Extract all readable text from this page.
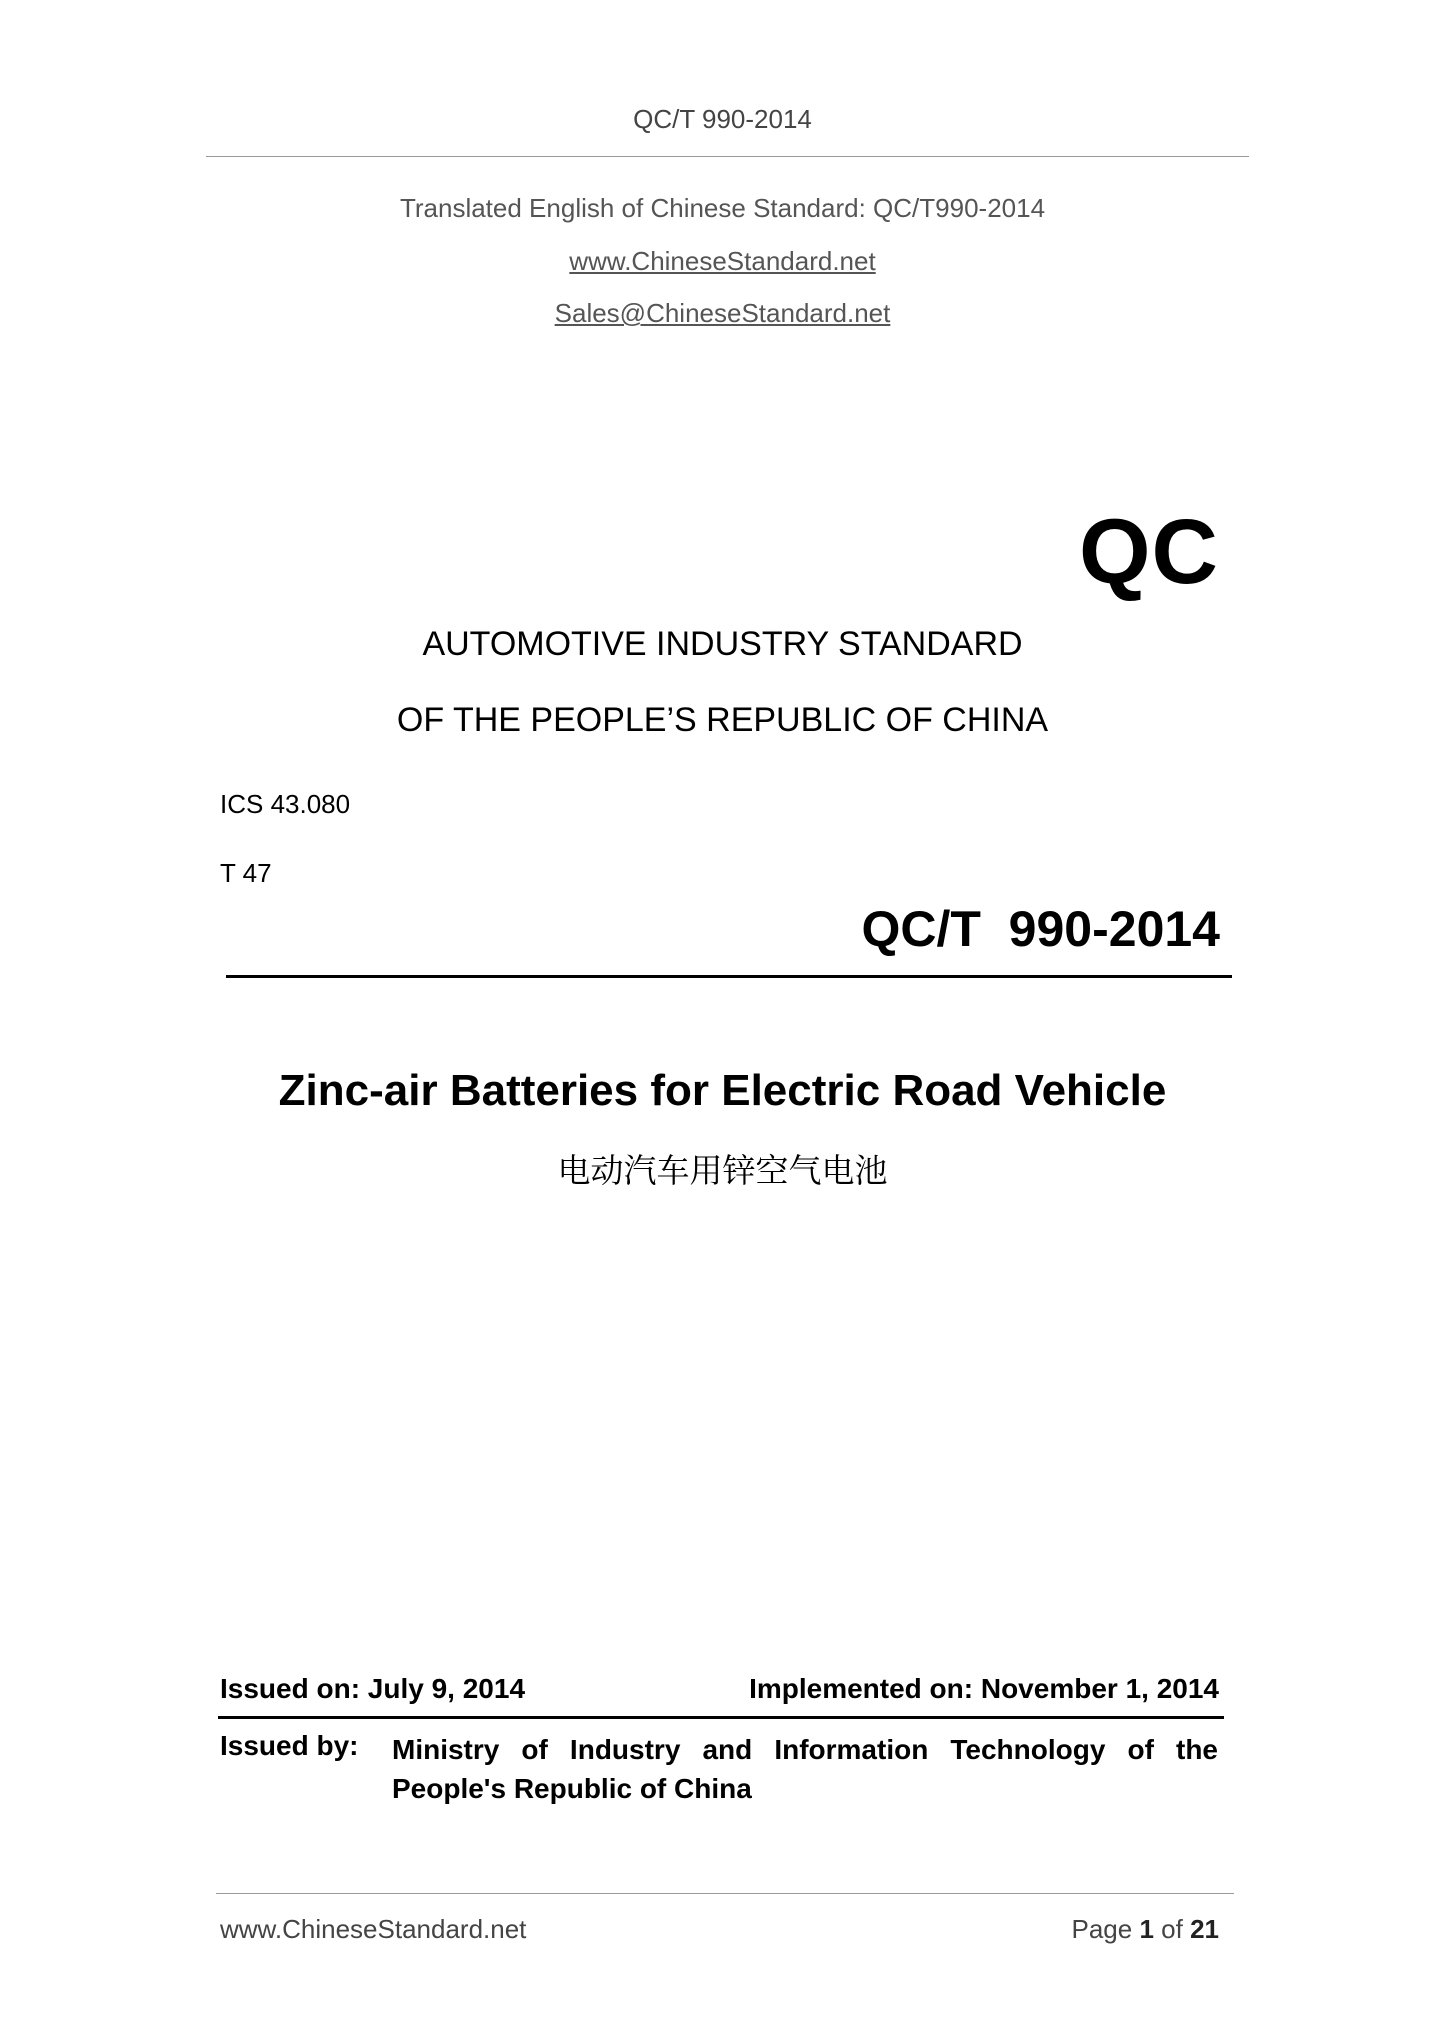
QC/T 990-2014
Translated English of Chinese Standard: QC/T990-2014
www.ChineseStandard.net
Sales@ChineseStandard.net
QC
AUTOMOTIVE INDUSTRY STANDARD
OF THE PEOPLE’S REPUBLIC OF CHINA
ICS 43.080
T 47
QC/T  990-2014
Zinc-air Batteries for Electric Road Vehicle
电动汽车用锌空气电池
Issued on: July 9, 2014	Implemented on: November 1, 2014
Issued by: Ministry of Industry and Information Technology of the People's Republic of China
www.ChineseStandard.net	Page 1 of 21
